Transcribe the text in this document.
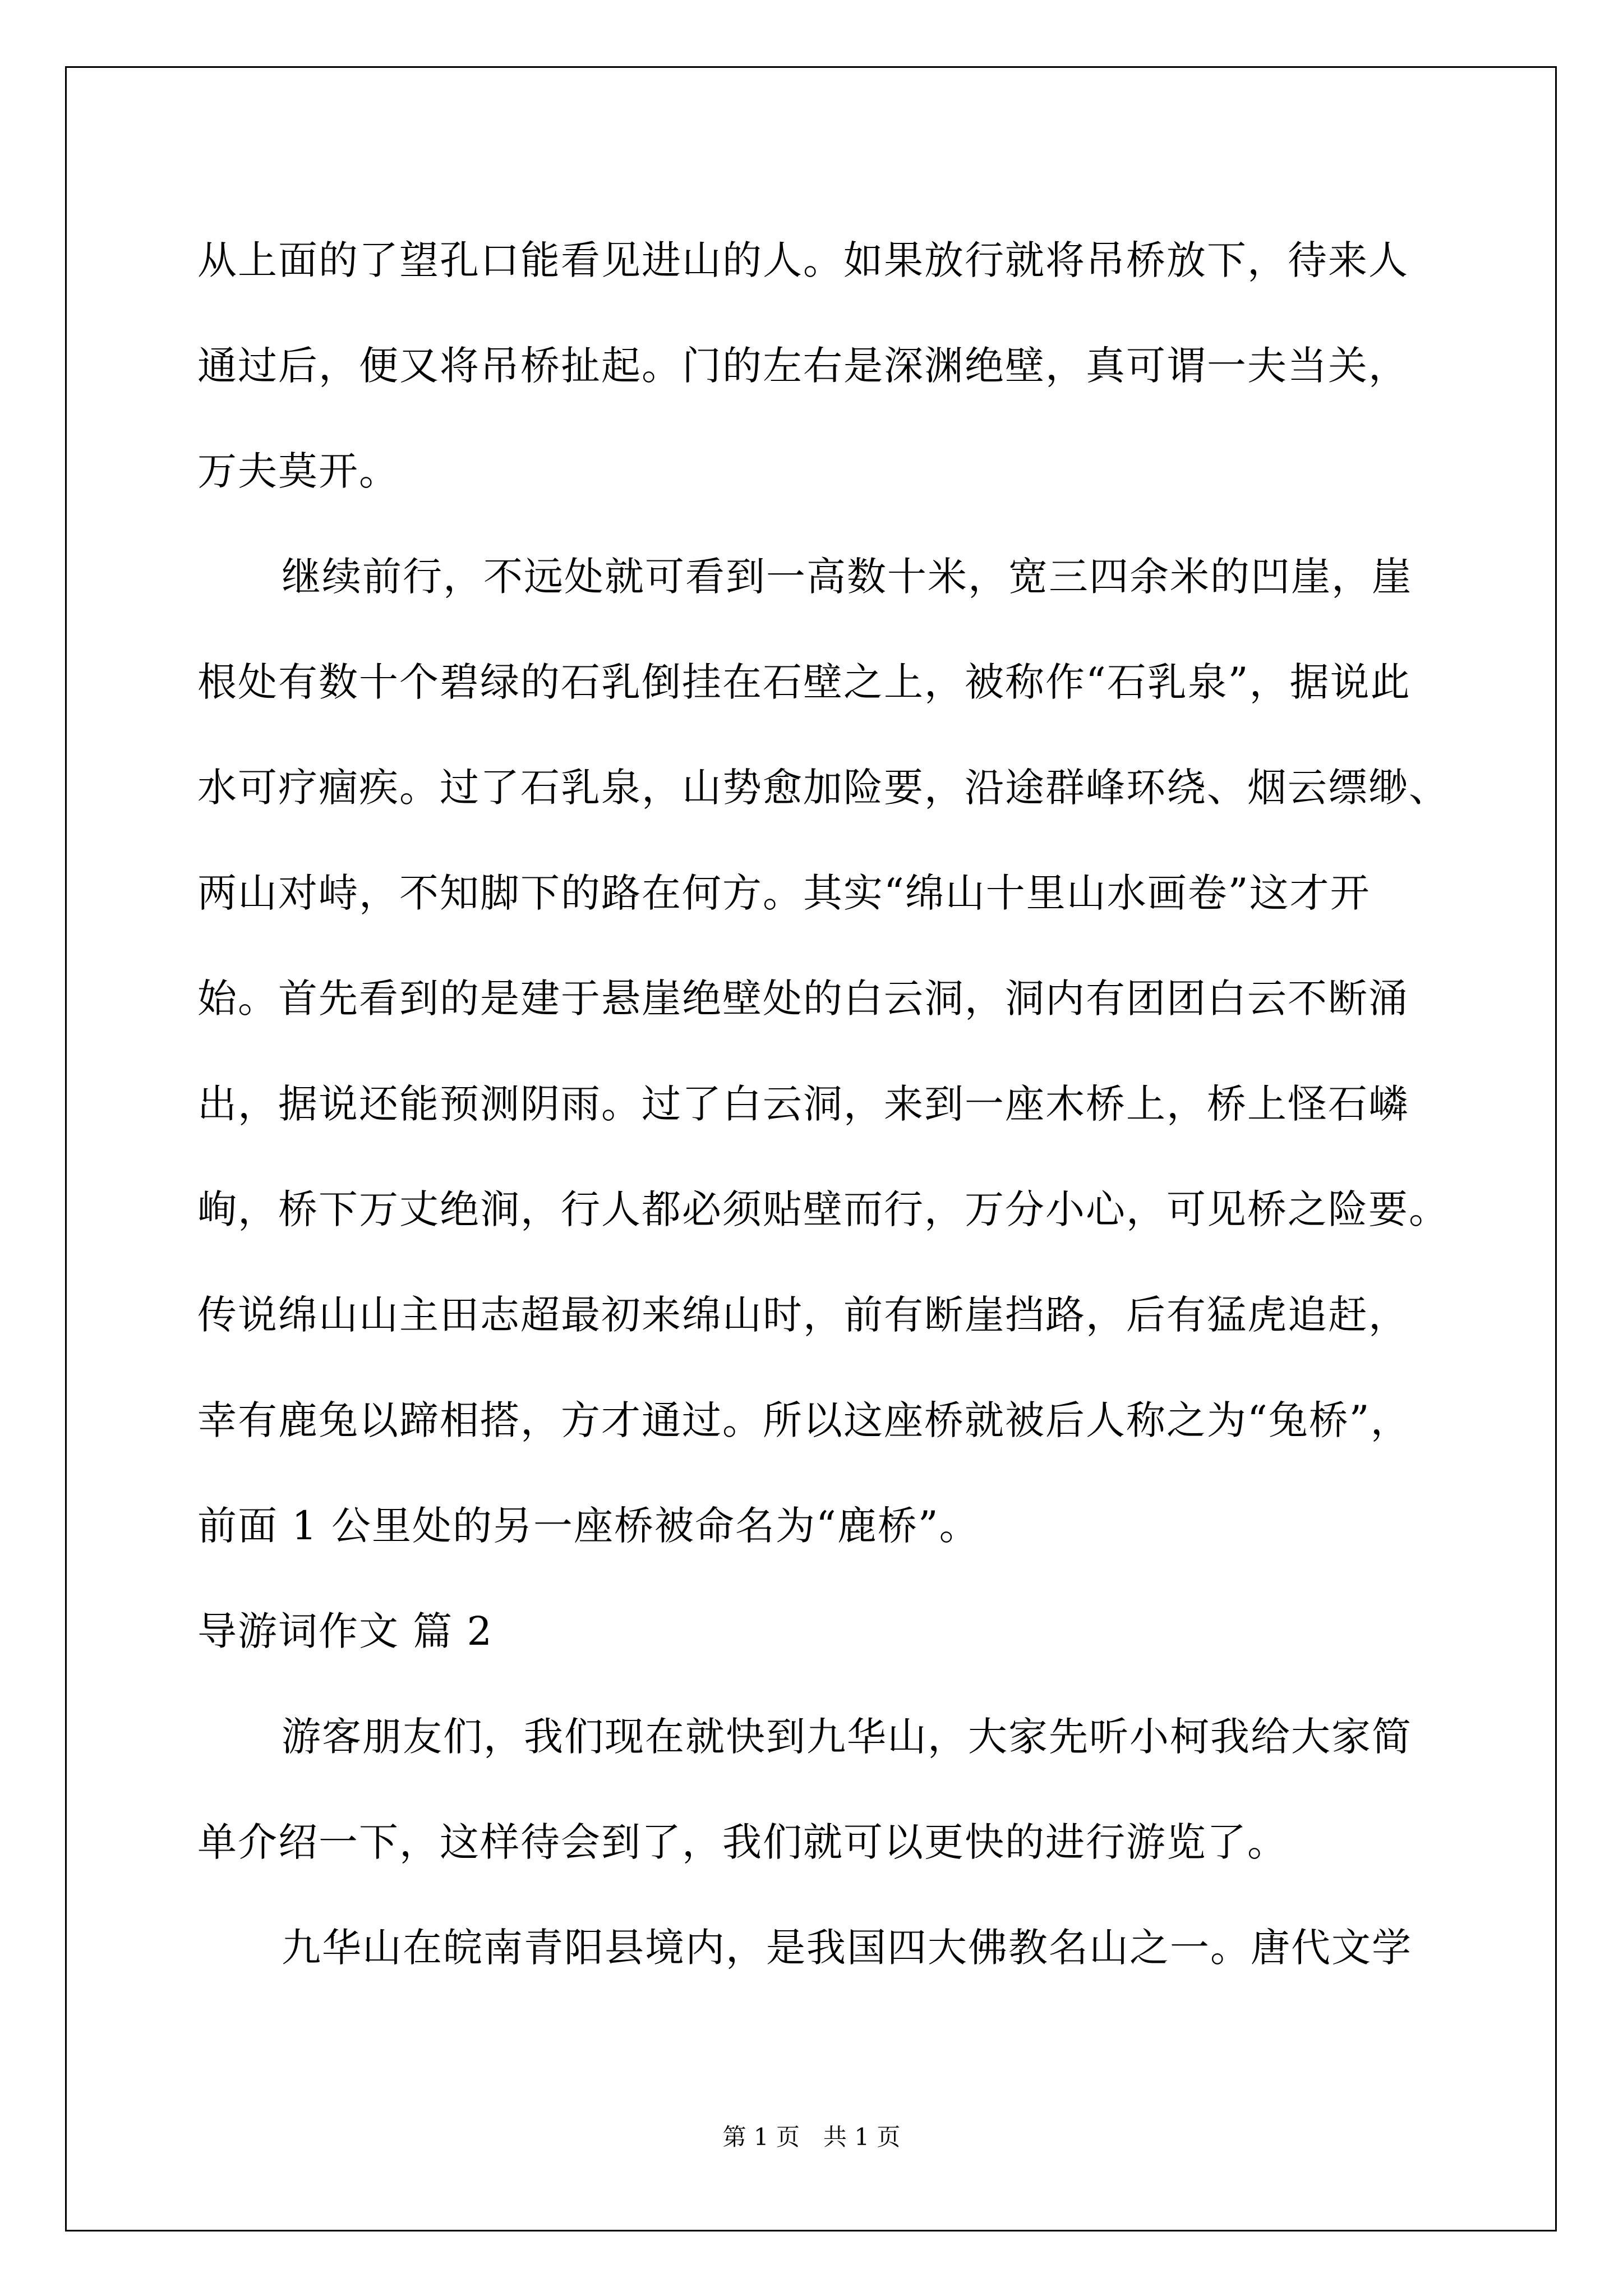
从上面的了望孔口能看见进山的人。如果放行就将吊桥放下，待来人
通过后，便又将吊桥扯起。门的左右是深渊绝壁，真可谓一夫当关，
万夫莫开。
继续前行，不远处就可看到一高数十米，宽三四余米的凹崖，崖
根处有数十个碧绿的石乳倒挂在石壁之上，被称作“石乳泉”，据说此
水可疗痼疾。过了石乳泉，山势愈加险要，沿途群峰环绕、烟云缥缈、
两山对峙，不知脚下的路在何方。其实“绵山十里山水画卷”这才开
始。首先看到的是建于悬崖绝壁处的白云洞，洞内有团团白云不断涌
出，据说还能预测阴雨。过了白云洞，来到一座木桥上，桥上怪石嶙
峋，桥下万丈绝涧，行人都必须贴壁而行，万分小心，可见桥之险要。
传说绵山山主田志超最初来绵山时，前有断崖挡路，后有猛虎追赶，
幸有鹿兔以蹄相搭，方才通过。所以这座桥就被后人称之为“兔桥”，
前面 1 公里处的另一座桥被命名为“鹿桥”。
导游词作文 篇 2
游客朋友们，我们现在就快到九华山，大家先听小柯我给大家简
单介绍一下，这样待会到了，我们就可以更快的进行游览了。
九华山在皖南青阳县境内，是我国四大佛教名山之一。唐代文学
第 1 页　共 1 页
